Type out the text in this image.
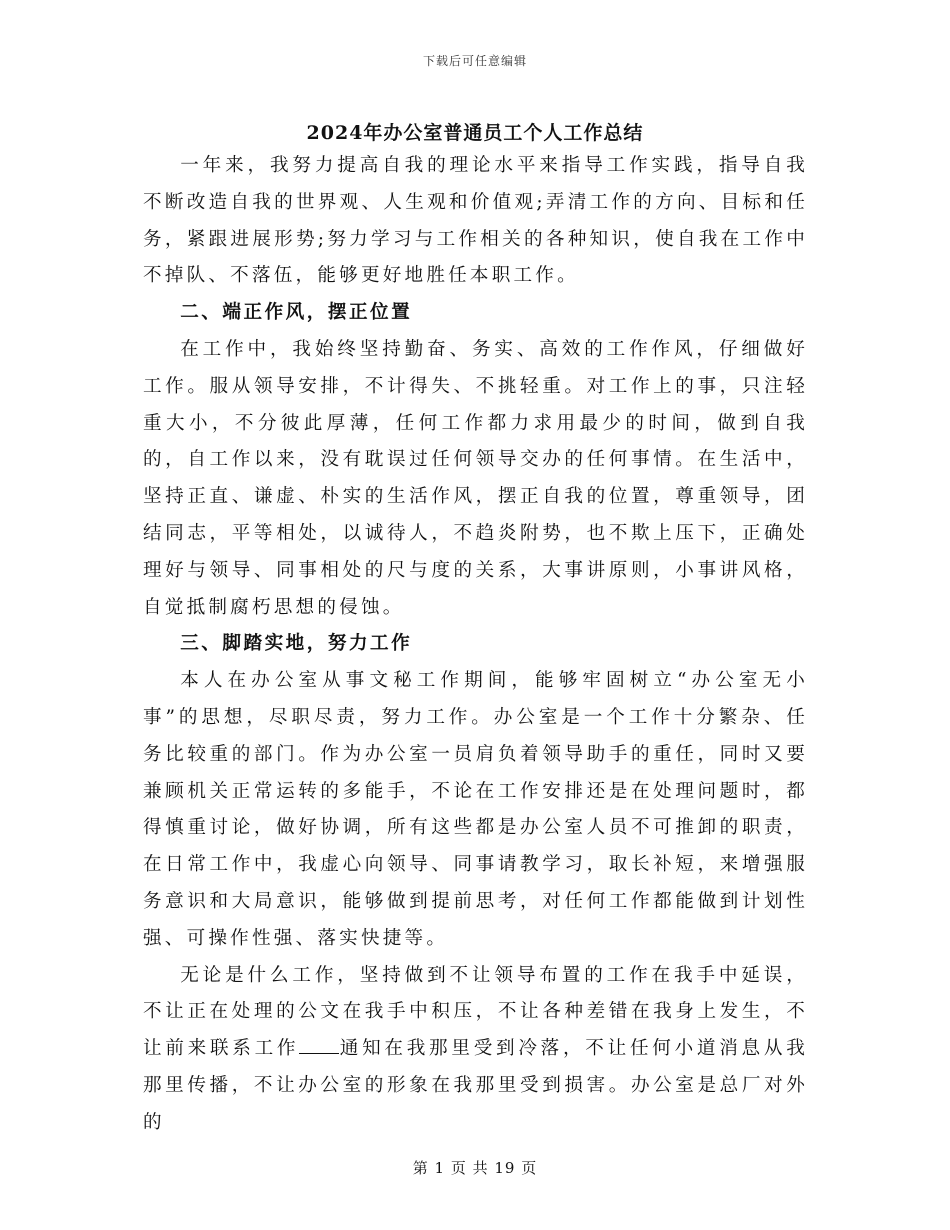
下载后可任意编辑
2024年办公室普通员工个人工作总结

一年来，我努力提高自我的理论水平来指导工作实践，指导自我不断改造自我的世界观、人生观和价值观;弄清工作的方向、目标和任务，紧跟进展形势;努力学习与工作相关的各种知识，使自我在工作中不掉队、不落伍，能够更好地胜任本职工作。

二、端正作风，摆正位置

在工作中，我始终坚持勤奋、务实、高效的工作作风，仔细做好工作。服从领导安排，不计得失、不挑轻重。对工作上的事，只注轻重大小，不分彼此厚薄，任何工作都力求用最少的时间，做到自我的，自工作以来，没有耽误过任何领导交办的任何事情。在生活中，坚持正直、谦虚、朴实的生活作风，摆正自我的位置，尊重领导，团结同志，平等相处，以诚待人，不趋炎附势，也不欺上压下，正确处理好与领导、同事相处的尺与度的关系，大事讲原则，小事讲风格，自觉抵制腐朽思想的侵蚀。

三、脚踏实地，努力工作

本人在办公室从事文秘工作期间，能够牢固树立“办公室无小事”的思想，尽职尽责，努力工作。办公室是一个工作十分繁杂、任务比较重的部门。作为办公室一员肩负着领导助手的重任，同时又要兼顾机关正常运转的多能手，不论在工作安排还是在处理问题时，都得慎重讨论，做好协调，所有这些都是办公室人员不可推卸的职责，在日常工作中，我虚心向领导、同事请教学习，取长补短，来增强服务意识和大局意识，能够做到提前思考，对任何工作都能做到计划性强、可操作性强、落实快捷等。

无论是什么工作，坚持做到不让领导布置的工作在我手中延误，不让正在处理的公文在我手中积压，不让各种差错在我身上发生，不让前来联系工作 通知在我那里受到冷落，不让任何小道消息从我那里传播，不让办公室的形象在我那里受到损害。办公室是总厂对外的

第 1 页 共 19 页
